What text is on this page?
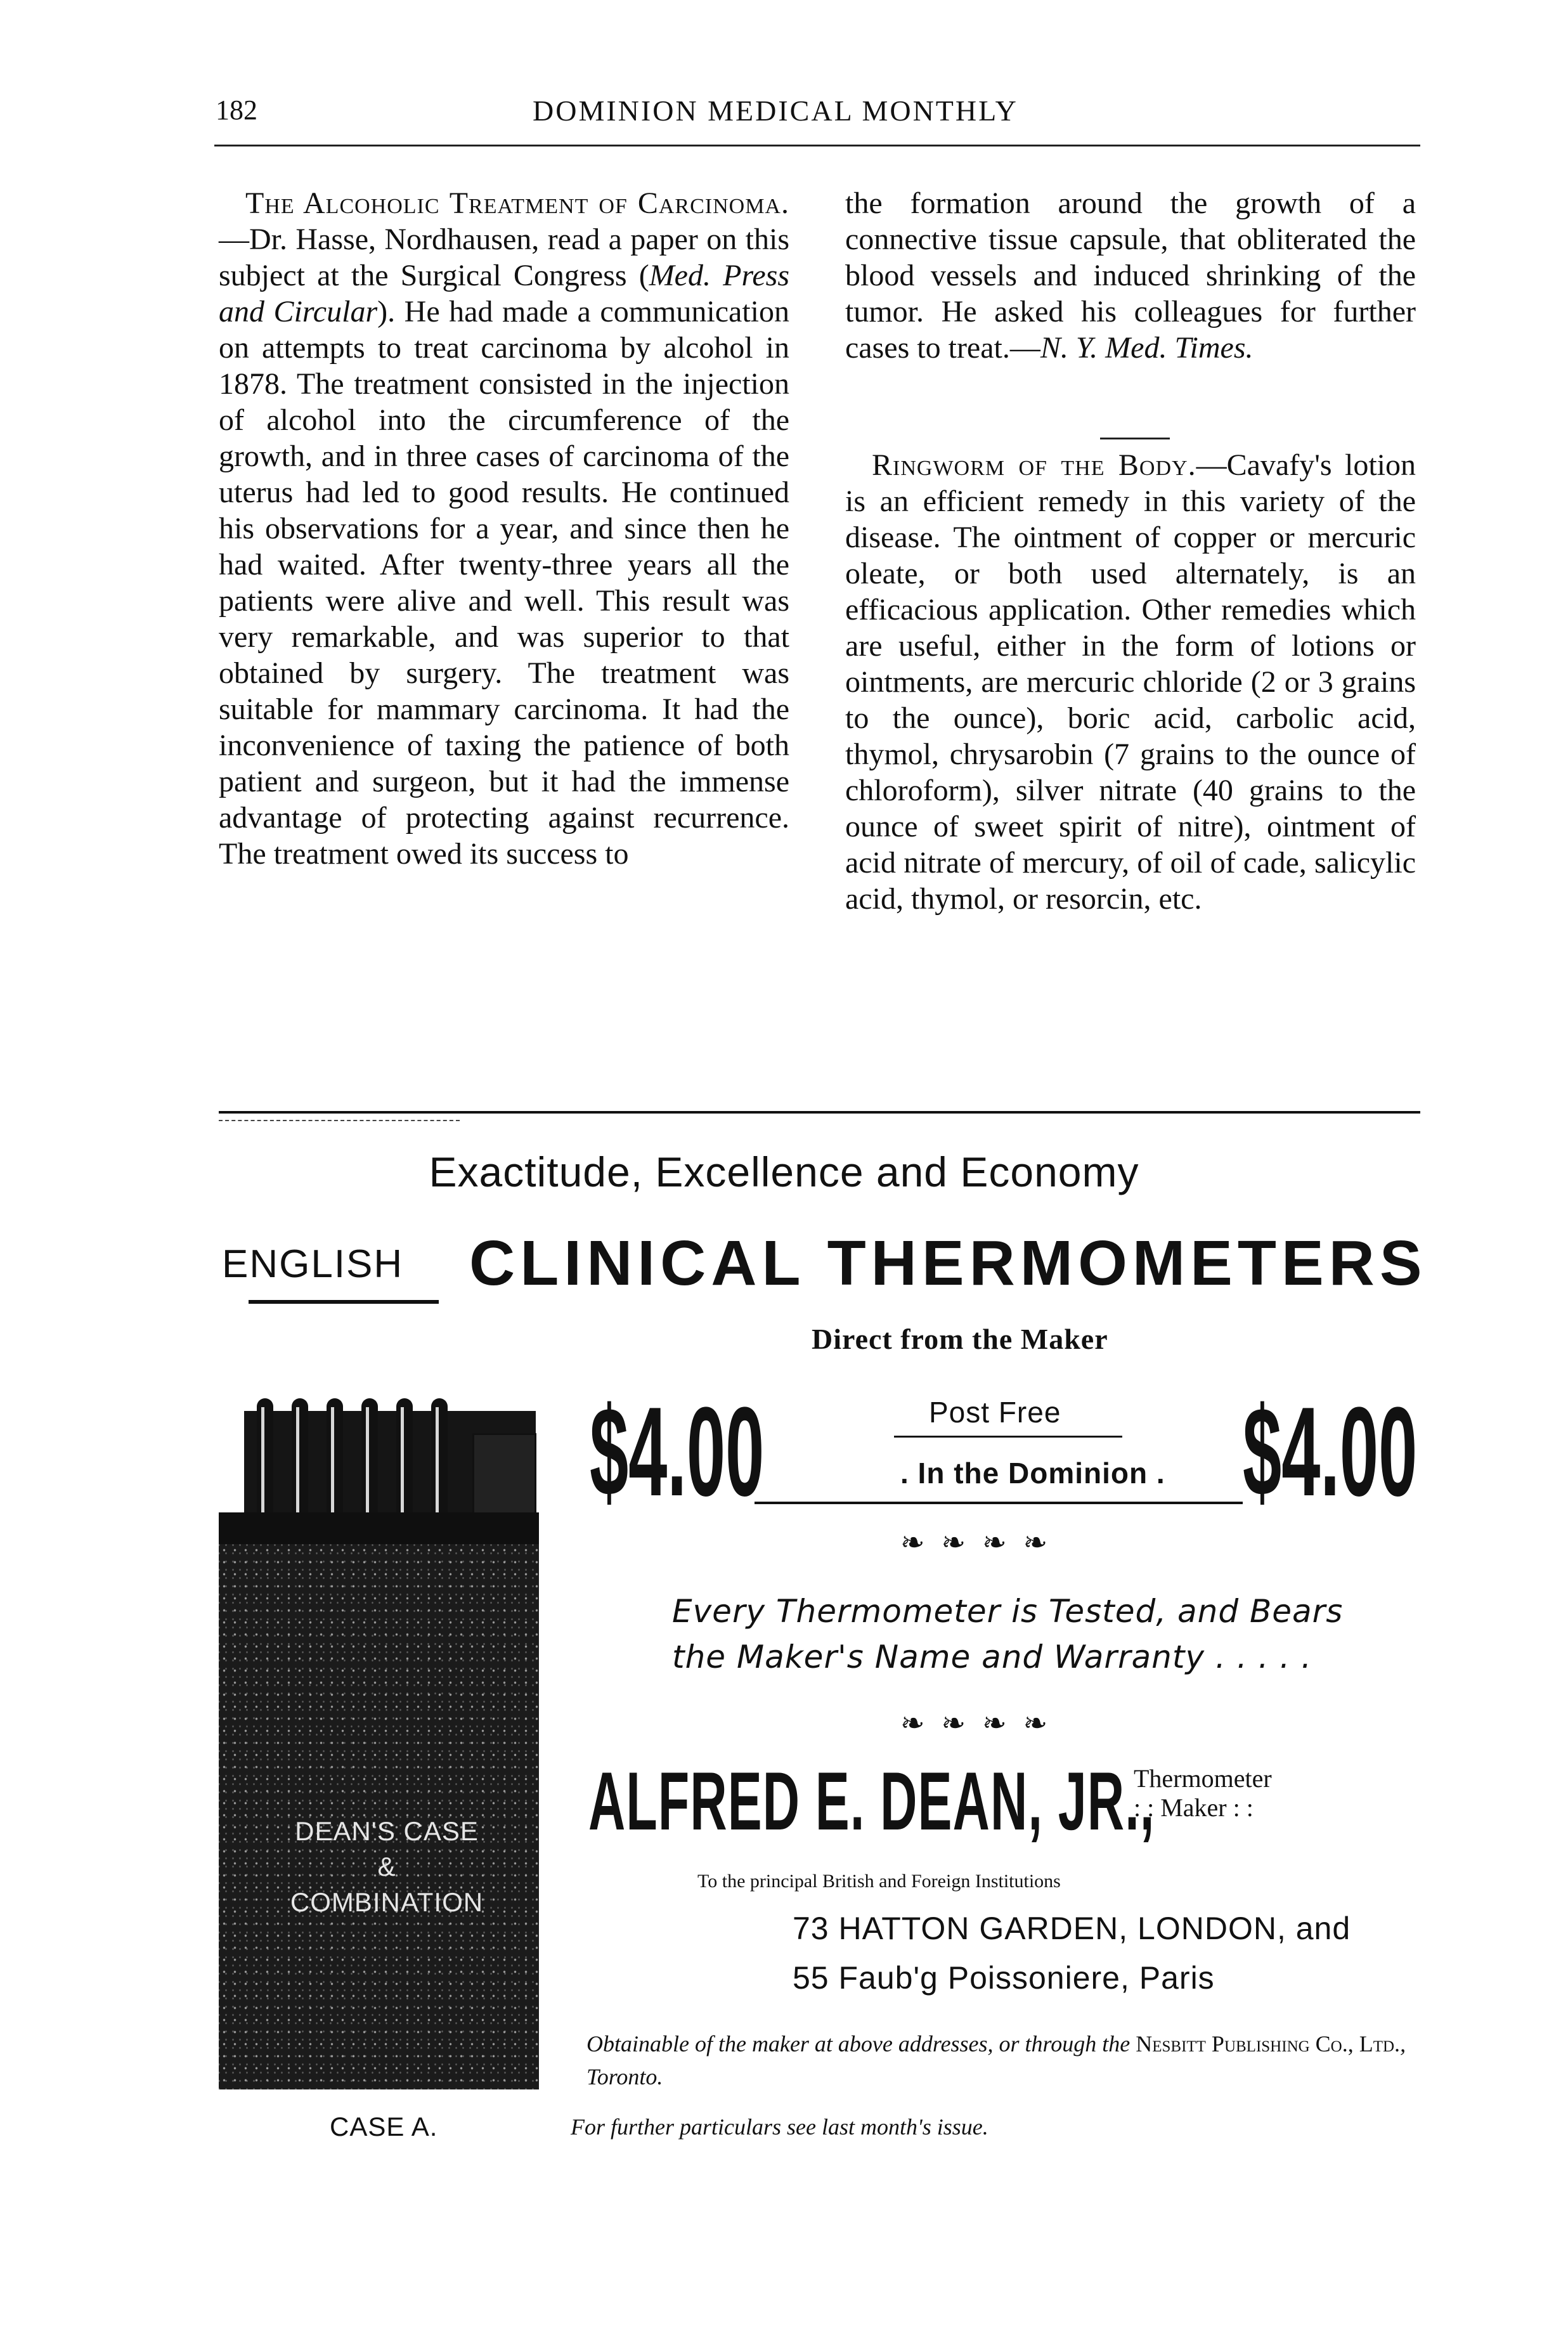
182	DOMINION MEDICAL MONTHLY

The Alcoholic Treatment of Carcinoma.—Dr. Hasse, Nordhausen, read a paper on this subject at the Surgical Congress (Med. Press and Circular). He had made a communication on attempts to treat carcinoma by alcohol in 1878. The treatment consisted in the injection of alcohol into the circumference of the growth, and in three cases of carcinoma of the uterus had led to good results. He continued his observations for a year, and since then he had waited. After twenty-three years all the patients were alive and well. This result was very remarkable, and was superior to that obtained by surgery. The treatment was suitable for mammary carcinoma. It had the inconvenience of taxing the patience of both patient and surgeon, but it had the immense advantage of protecting against recurrence. The treatment owed its success to

the formation around the growth of a connective tissue capsule, that obliterated the blood vessels and induced shrinking of the tumor. He asked his colleagues for further cases to treat.—N. Y. Med. Times.

Ringworm of the Body.—Cavafy's lotion is an efficient remedy in this variety of the disease. The ointment of copper or mercuric oleate, or both used alternately, is an efficacious application. Other remedies which are useful, either in the form of lotions or ointments, are mercuric chloride (2 or 3 grains to the ounce), boric acid, carbolic acid, thymol, chrysarobin (7 grains to the ounce of chloroform), silver nitrate (40 grains to the ounce of sweet spirit of nitre), ointment of acid nitrate of mercury, of oil of cade, salicylic acid, thymol, or resorcin, etc.

Exactitude, Excellence and Economy
ENGLISH CLINICAL THERMOMETERS
Direct from the Maker
DEAN'S CASE
&
COMBINATION
CASE A.
$4.00	$4.00
Post Free
. In the Dominion .
❧❧❧❧
Every Thermometer is Tested, and Bears the Maker's Name and Warranty . . . . .
❧❧❧❧
ALFRED E. DEAN, JR.,
Thermometer
: : Maker : :
To the principal British and Foreign Institutions
73 HATTON GARDEN, LONDON, and
55 Faub'g Poissoniere, Paris
Obtainable of the maker at above addresses, or through the Nesbitt Publishing Co., Ltd., Toronto.
For further particulars see last month's issue.
